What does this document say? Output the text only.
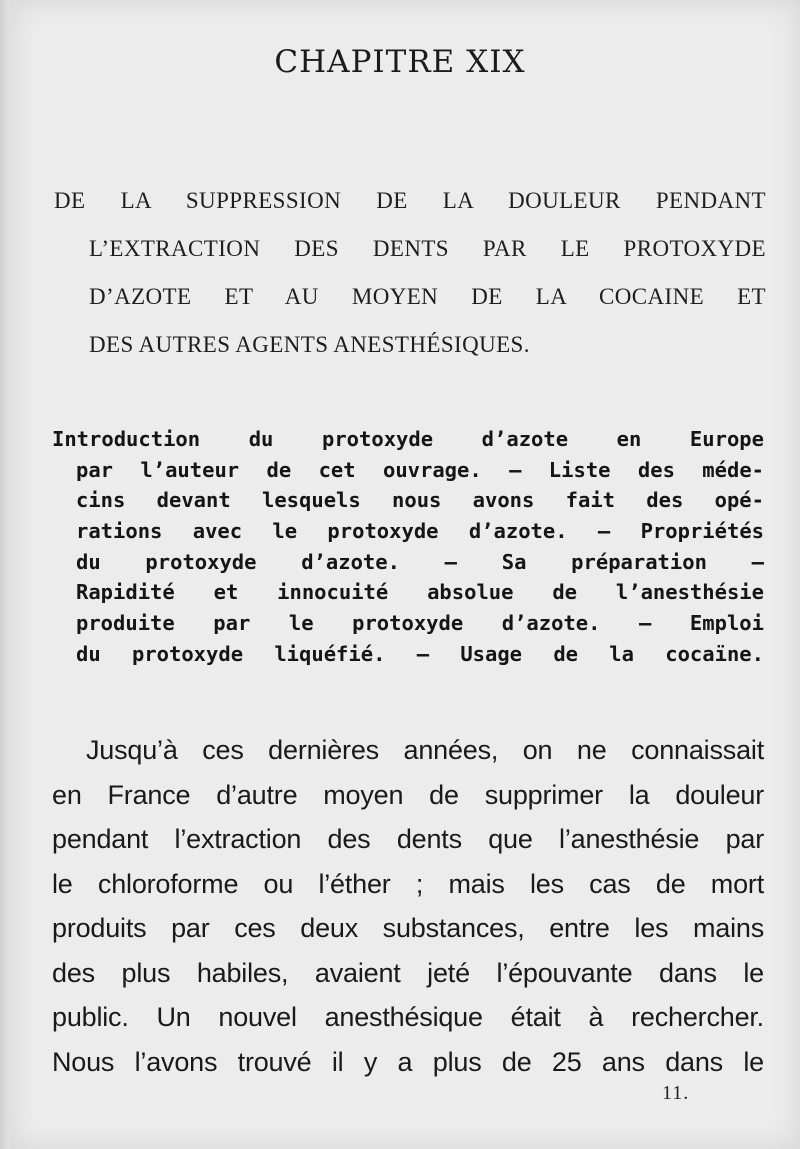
CHAPITRE XIX
DE LA SUPPRESSION DE LA DOULEUR PENDANT
L’EXTRACTION DES DENTS PAR LE PROTOXYDE
D’AZOTE ET AU MOYEN DE LA COCAINE ET
DES AUTRES AGENTS ANESTHÉSIQUES.
Introduction du protoxyde d’azote en Europe
par l’auteur de cet ouvrage. — Liste des méde-
cins devant lesquels nous avons fait des opé-
rations avec le protoxyde d’azote. — Propriétés
du protoxyde d’azote. — Sa préparation —
Rapidité et innocuité absolue de l’anesthésie
produite par le protoxyde d’azote. — Emploi
du protoxyde liquéfié. — Usage de la cocaïne.
Jusqu’à ces dernières années, on ne connaissait
en France d’autre moyen de supprimer la douleur
pendant l’extraction des dents que l’anesthésie par
le chloroforme ou l’éther ; mais les cas de mort
produits par ces deux substances, entre les mains
des plus habiles, avaient jeté l’épouvante dans le
public. Un nouvel anesthésique était à rechercher.
Nous l’avons trouvé il y a plus de 25 ans dans le
11.
